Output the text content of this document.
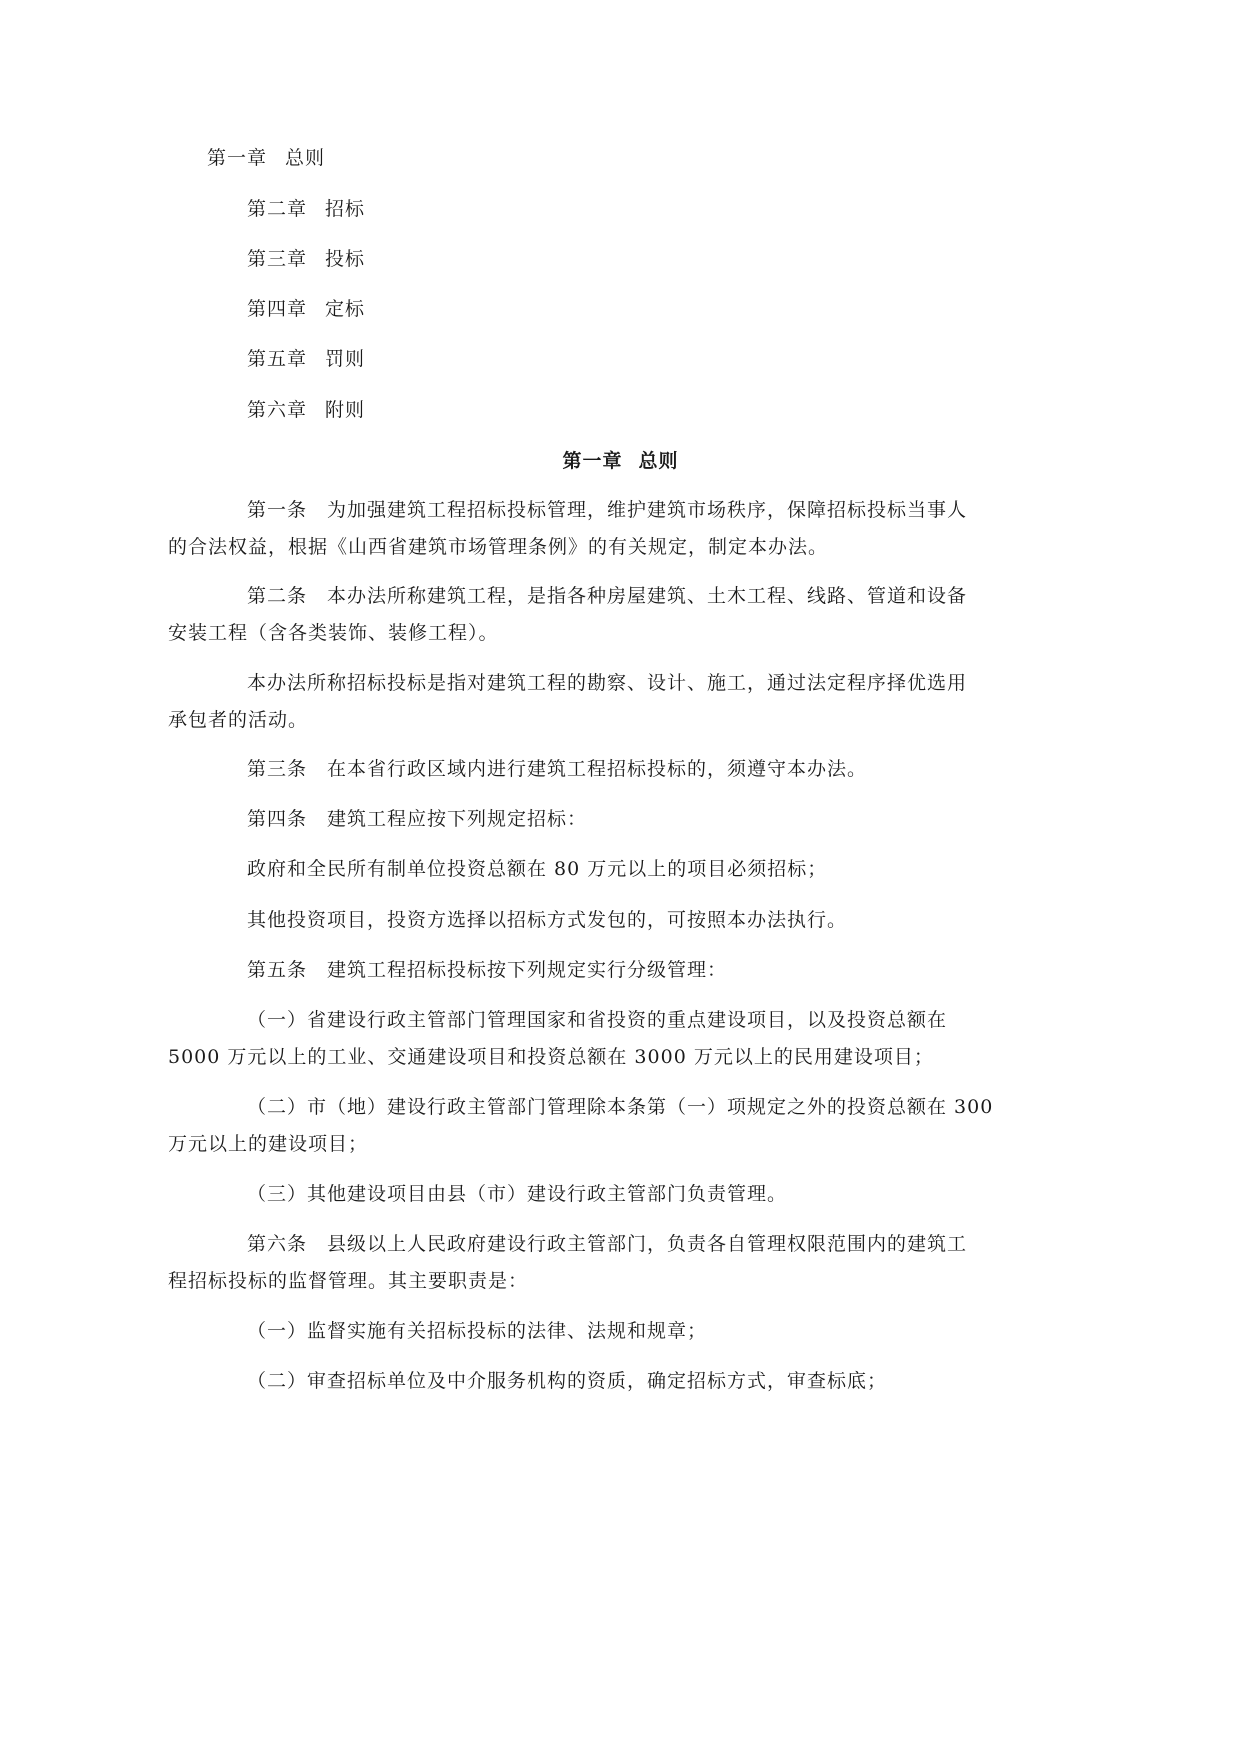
第一章 总则
第二章 招标
第三章 投标
第四章 定标
第五章 罚则
第六章 附则
第一章 总则
第一条 为加强建筑工程招标投标管理，维护建筑市场秩序，保障招标投标当事人
的合法权益，根据《山西省建筑市场管理条例》的有关规定，制定本办法。
第二条 本办法所称建筑工程，是指各种房屋建筑、土木工程、线路、管道和设备
安装工程（含各类装饰、装修工程）。
本办法所称招标投标是指对建筑工程的勘察、设计、施工，通过法定程序择优选用
承包者的活动。
第三条 在本省行政区域内进行建筑工程招标投标的，须遵守本办法。
第四条 建筑工程应按下列规定招标：
政府和全民所有制单位投资总额在 80 万元以上的项目必须招标；
其他投资项目，投资方选择以招标方式发包的，可按照本办法执行。
第五条 建筑工程招标投标按下列规定实行分级管理：
（一）省建设行政主管部门管理国家和省投资的重点建设项目，以及投资总额在
5000 万元以上的工业、交通建设项目和投资总额在 3000 万元以上的民用建设项目；
（二）市（地）建设行政主管部门管理除本条第（一）项规定之外的投资总额在 300
万元以上的建设项目；
（三）其他建设项目由县（市）建设行政主管部门负责管理。
第六条 县级以上人民政府建设行政主管部门，负责各自管理权限范围内的建筑工
程招标投标的监督管理。其主要职责是：
（一）监督实施有关招标投标的法律、法规和规章；
（二）审查招标单位及中介服务机构的资质，确定招标方式，审查标底；
